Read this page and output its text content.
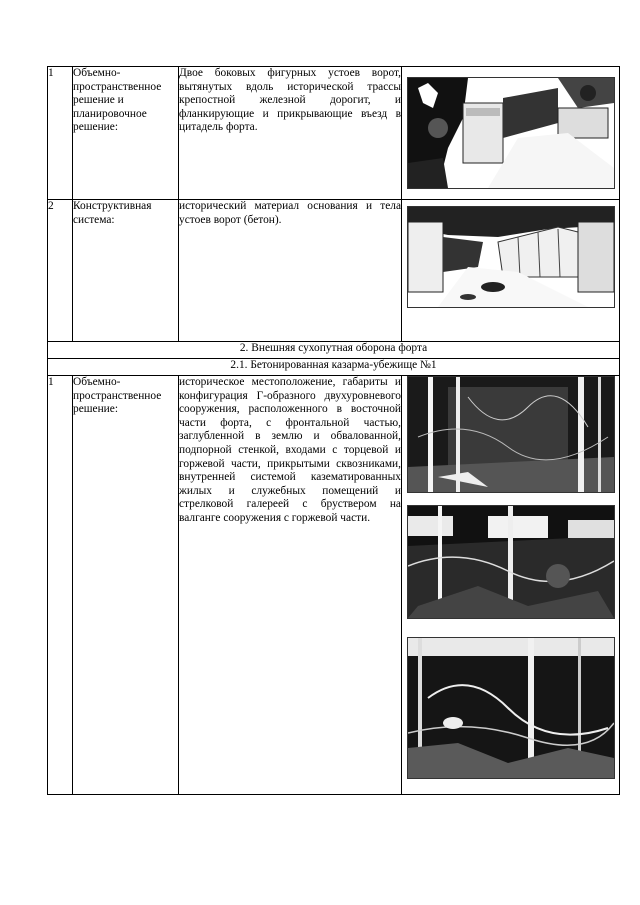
1	Объемно-пространственное решение и планировочное решение:	Двое боковых фигурных устоев ворот, вытянутых вдоль исторической трассы крепостной железной дорогит, и фланкирующие и прикрывающие въезд в цитадель форта.

2	Конструктивная система:	исторический материал основания и тела устоев ворот (бетон).

2. Внешняя сухопутная оборона форта			
2.1. Бетонированная казарма-убежище №1			
1	Объемно-пространственное решение:	историческое местоположение, габариты и конфигурация Г-образного двухуровневого сооружения, расположенного в восточной части форта, с фронтальной частью, заглубленной в землю и обвалованной, подпорной стенкой, входами с торцевой и горжевой части, прикрытыми сквозниками, внутренней системой казематированных жилых и служебных помещений и стрелковой галереей с бруствером на валганге сооружения с горжевой части.
